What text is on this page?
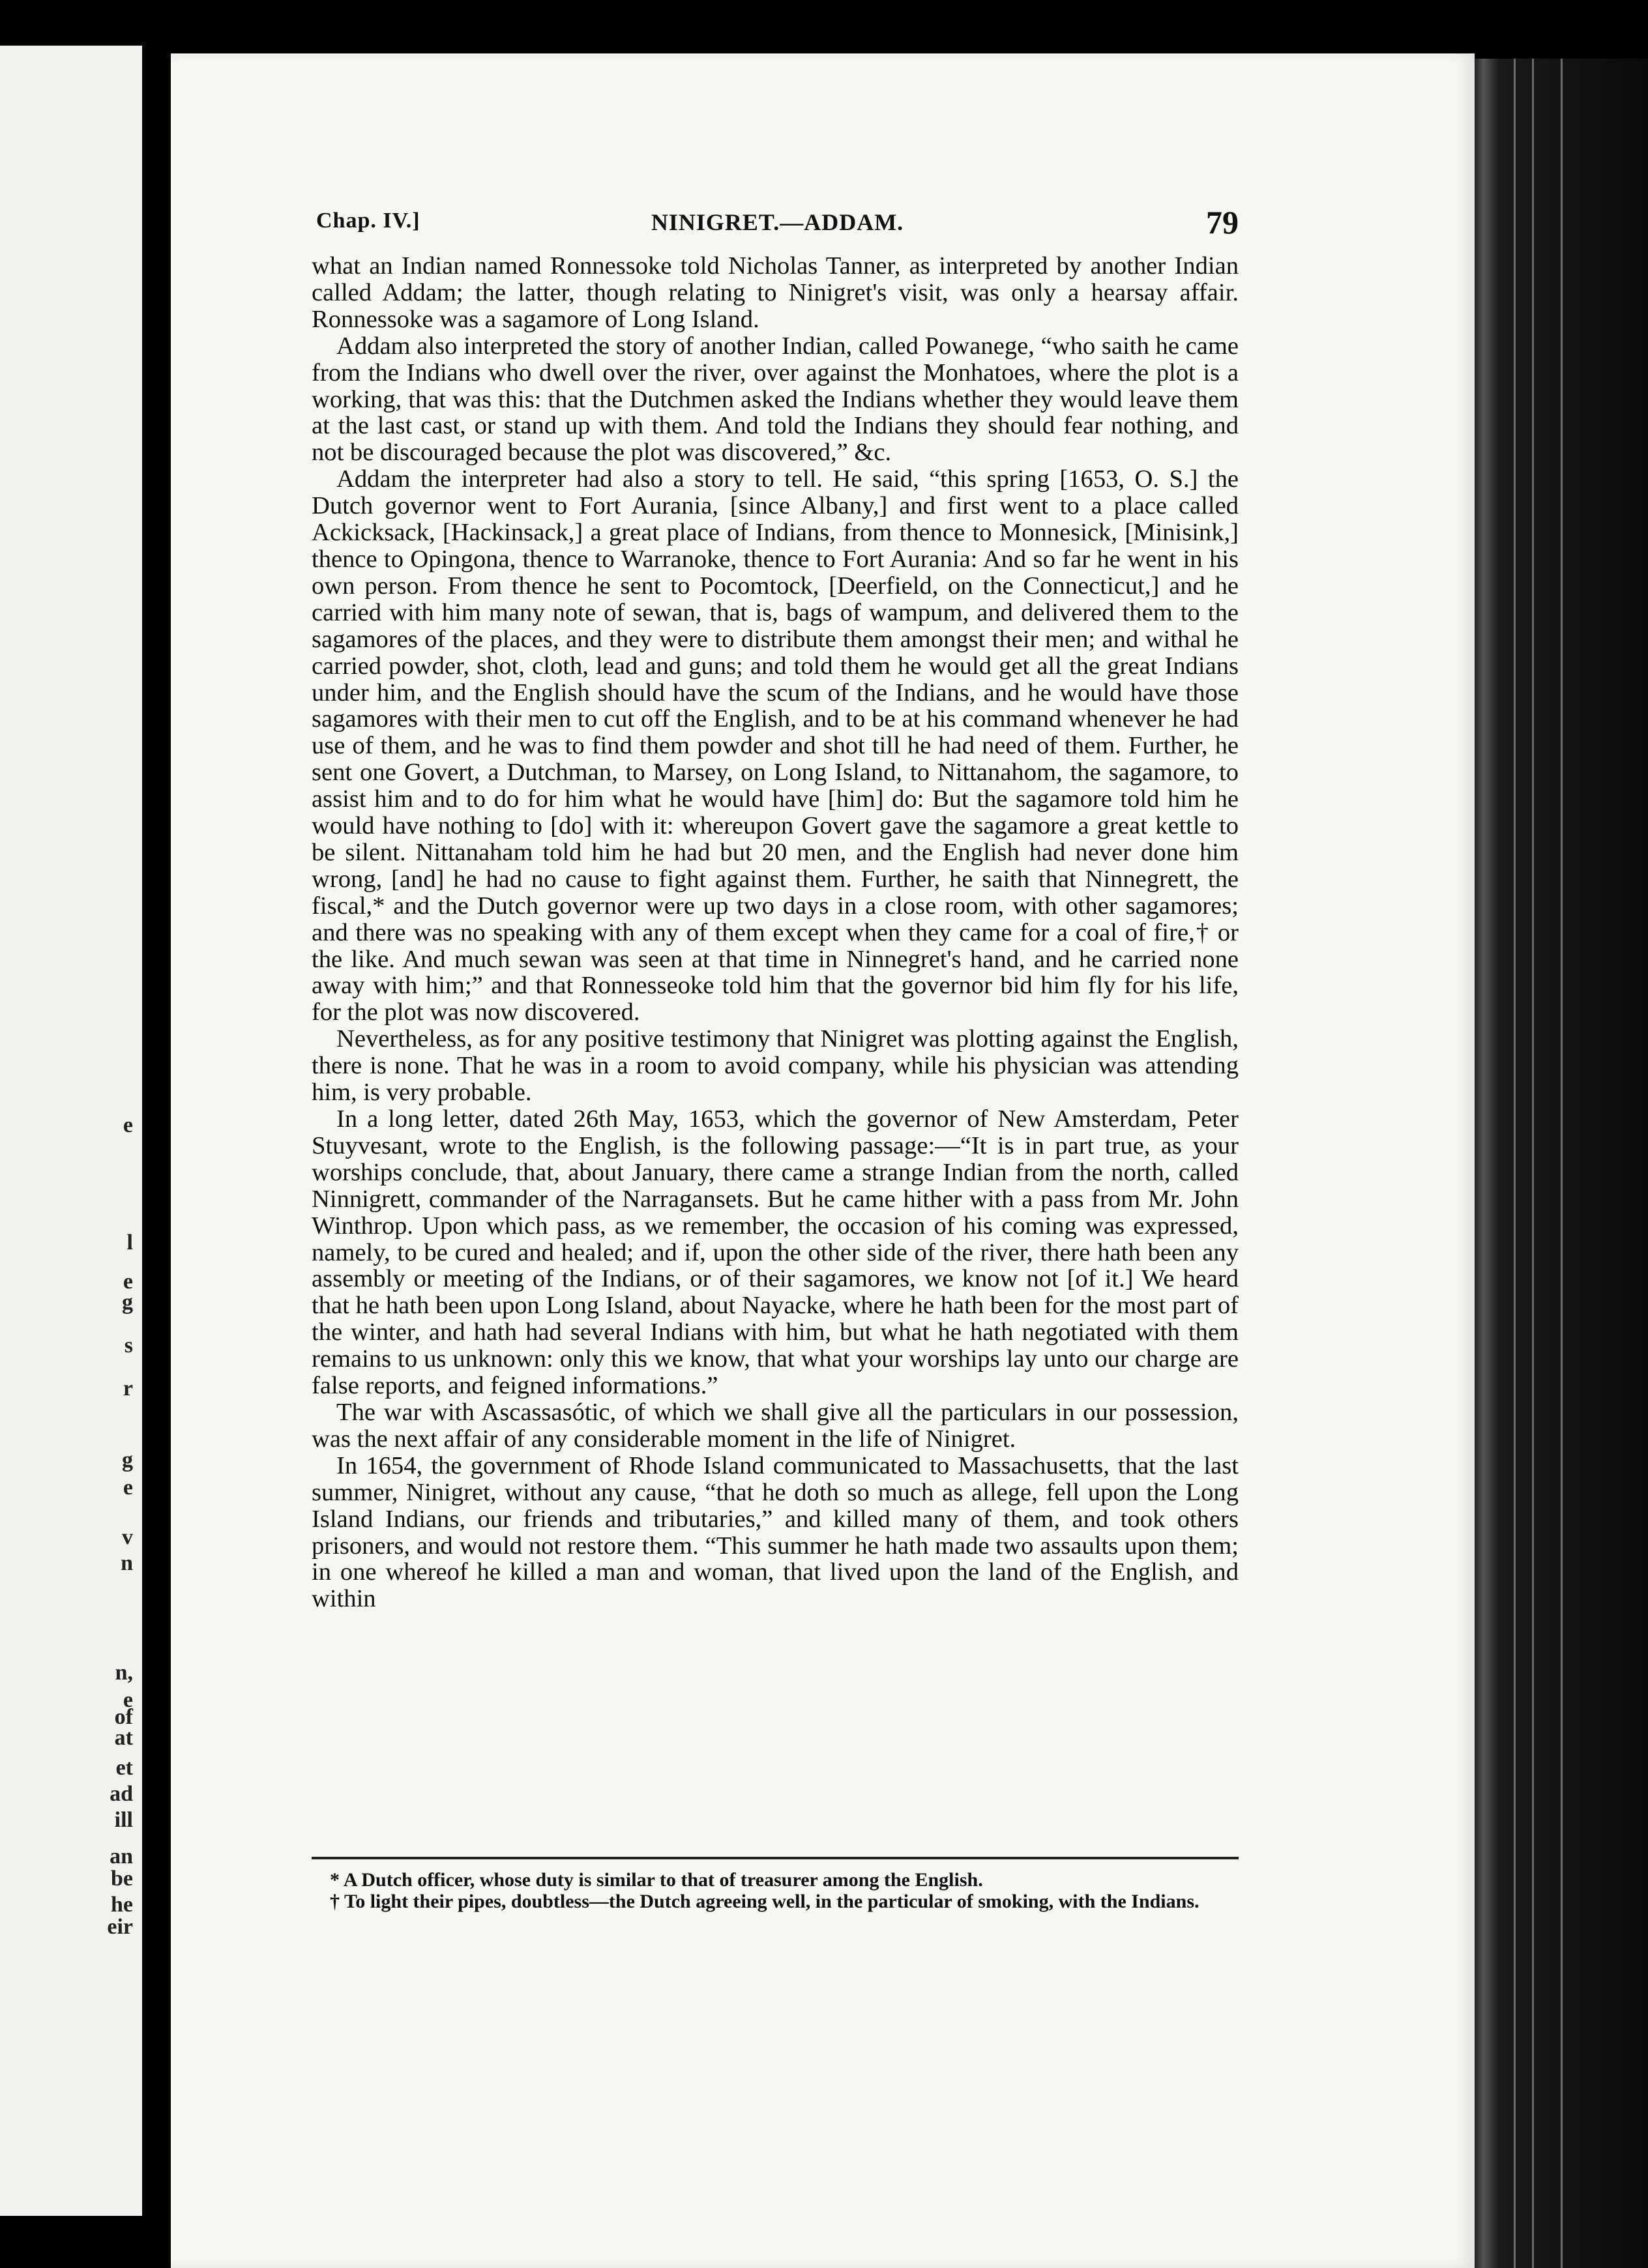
e
l
e
g
s
r
g
e
v
n
n,
e
of
at
et
ad
ill
an
be
he
eir
Chap. IV.]	NINIGRET.—ADDAM.	79

what an Indian named Ronnessoke told Nicholas Tanner, as interpreted by another Indian called Addam; the latter, though relating to Ninigret's visit, was only a hearsay affair. Ronnessoke was a sagamore of Long Island.

Addam also interpreted the story of another Indian, called Powanege, “who saith he came from the Indians who dwell over the river, over against the Monhatoes, where the plot is a working, that was this: that the Dutchmen asked the Indians whether they would leave them at the last cast, or stand up with them. And told the Indians they should fear nothing, and not be discouraged because the plot was discovered,” &c.

Addam the interpreter had also a story to tell. He said, “this spring [1653, O. S.] the Dutch governor went to Fort Aurania, [since Albany,] and first went to a place called Ackicksack, [Hackinsack,] a great place of Indians, from thence to Monnesick, [Minisink,] thence to Opingona, thence to Warranoke, thence to Fort Aurania: And so far he went in his own person. From thence he sent to Pocomtock, [Deerfield, on the Connecticut,] and he carried with him many note of sewan, that is, bags of wampum, and delivered them to the sagamores of the places, and they were to distribute them amongst their men; and withal he carried powder, shot, cloth, lead and guns; and told them he would get all the great Indians under him, and the English should have the scum of the Indians, and he would have those sagamores with their men to cut off the English, and to be at his command whenever he had use of them, and he was to find them powder and shot till he had need of them. Further, he sent one Govert, a Dutchman, to Marsey, on Long Island, to Nittanahom, the sagamore, to assist him and to do for him what he would have [him] do: But the sagamore told him he would have nothing to [do] with it: whereupon Govert gave the sagamore a great kettle to be silent. Nittanaham told him he had but 20 men, and the English had never done him wrong, [and] he had no cause to fight against them. Further, he saith that Ninnegrett, the fiscal,* and the Dutch governor were up two days in a close room, with other sagamores; and there was no speaking with any of them except when they came for a coal of fire,† or the like. And much sewan was seen at that time in Ninnegret's hand, and he carried none away with him;” and that Ronnesseoke told him that the governor bid him fly for his life, for the plot was now discovered.

Nevertheless, as for any positive testimony that Ninigret was plotting against the English, there is none. That he was in a room to avoid company, while his physician was attending him, is very probable.

In a long letter, dated 26th May, 1653, which the governor of New Amsterdam, Peter Stuyvesant, wrote to the English, is the following passage:—“It is in part true, as your worships conclude, that, about January, there came a strange Indian from the north, called Ninnigrett, commander of the Narragansets. But he came hither with a pass from Mr. John Winthrop. Upon which pass, as we remember, the occasion of his coming was expressed, namely, to be cured and healed; and if, upon the other side of the river, there hath been any assembly or meeting of the Indians, or of their sagamores, we know not [of it.] We heard that he hath been upon Long Island, about Nayacke, where he hath been for the most part of the winter, and hath had several Indians with him, but what he hath negotiated with them remains to us unknown: only this we know, that what your worships lay unto our charge are false reports, and feigned informations.”

The war with Ascassasótic, of which we shall give all the particulars in our possession, was the next affair of any considerable moment in the life of Ninigret.

In 1654, the government of Rhode Island communicated to Massachusetts, that the last summer, Ninigret, without any cause, “that he doth so much as allege, fell upon the Long Island Indians, our friends and tributaries,” and killed many of them, and took others prisoners, and would not restore them. “This summer he hath made two assaults upon them; in one whereof he killed a man and woman, that lived upon the land of the English, and within

* A Dutch officer, whose duty is similar to that of treasurer among the English.

† To light their pipes, doubtless—the Dutch agreeing well, in the particular of smoking, with the Indians.
